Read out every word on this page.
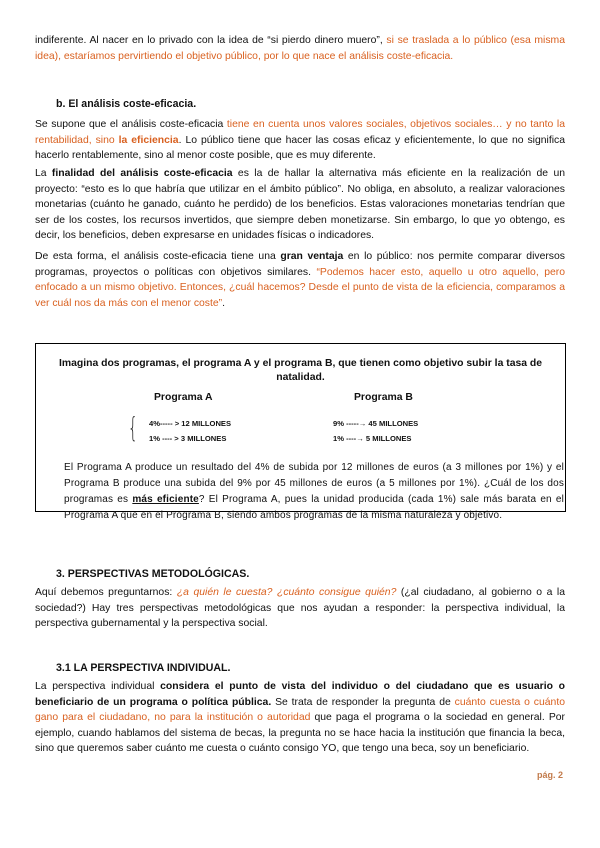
indiferente. Al nacer en lo privado con la idea de “si pierdo dinero muero”, si se traslada a lo público (esa misma idea), estaríamos pervirtiendo el objetivo público, por lo que nace el análisis coste-eficacia.

b. El análisis coste-eficacia.

Se supone que el análisis coste-eficacia tiene en cuenta unos valores sociales, objetivos sociales… y no tanto la rentabilidad, sino la eficiencia. Lo público tiene que hacer las cosas eficaz y eficientemente, lo que no significa hacerlo rentablemente, sino al menor coste posible, que es muy diferente.

La finalidad del análisis coste-eficacia es la de hallar la alternativa más eficiente en la realización de un proyecto: “esto es lo que habría que utilizar en el ámbito público”. No obliga, en absoluto, a realizar valoraciones monetarias (cuánto he ganado, cuánto he perdido) de los beneficios. Estas valoraciones monetarias tendrían que ser de los costes, los recursos invertidos, que siempre deben monetizarse. Sin embargo, lo que yo obtengo, es decir, los beneficios, deben expresarse en unidades físicas o indicadores.

De esta forma, el análisis coste-eficacia tiene una gran ventaja en lo público: nos permite comparar diversos programas, proyectos o políticas con objetivos similares. “Podemos hacer esto, aquello u otro aquello, pero enfocado a un mismo objetivo. Entonces, ¿cuál hacemos? Desde el punto de vista de la eficiencia, comparamos a ver cuál nos da más con el menor coste”.

Imagina dos programas, el programa A y el programa B, que tienen como objetivo subir la tasa de natalidad.
Programa A	Programa B
{ 4%----- > 12 MILLONES
1% ---- > 3 MILLONES
9% -----→ 45 MILLONES
1% ----→ 5 MILLONES

El Programa A produce un resultado del 4% de subida por 12 millones de euros (a 3 millones por 1%) y el Programa B produce una subida del 9% por 45 millones de euros (a 5 millones por 1%). ¿Cuál de los dos programas es más eficiente? El Programa A, pues la unidad producida (cada 1%) sale más barata en el Programa A que en el Programa B, siendo ambos programas de la misma naturaleza y objetivo.

3. PERSPECTIVAS METODOLÓGICAS.

Aquí debemos preguntarnos: ¿a quién le cuesta? ¿cuánto consigue quién? (¿al ciudadano, al gobierno o a la sociedad?) Hay tres perspectivas metodológicas que nos ayudan a responder: la perspectiva individual, la perspectiva gubernamental y la perspectiva social.

3.1 LA PERSPECTIVA INDIVIDUAL.

La perspectiva individual considera el punto de vista del individuo o del ciudadano que es usuario o beneficiario de un programa o política pública. Se trata de responder la pregunta de cuánto cuesta o cuánto gano para el ciudadano, no para la institución o autoridad que paga el programa o la sociedad en general. Por ejemplo, cuando hablamos del sistema de becas, la pregunta no se hace hacia la institución que financia la beca, sino que queremos saber cuánto me cuesta o cuánto consigo YO, que tengo una beca, soy un beneficiario.

pág. 2
